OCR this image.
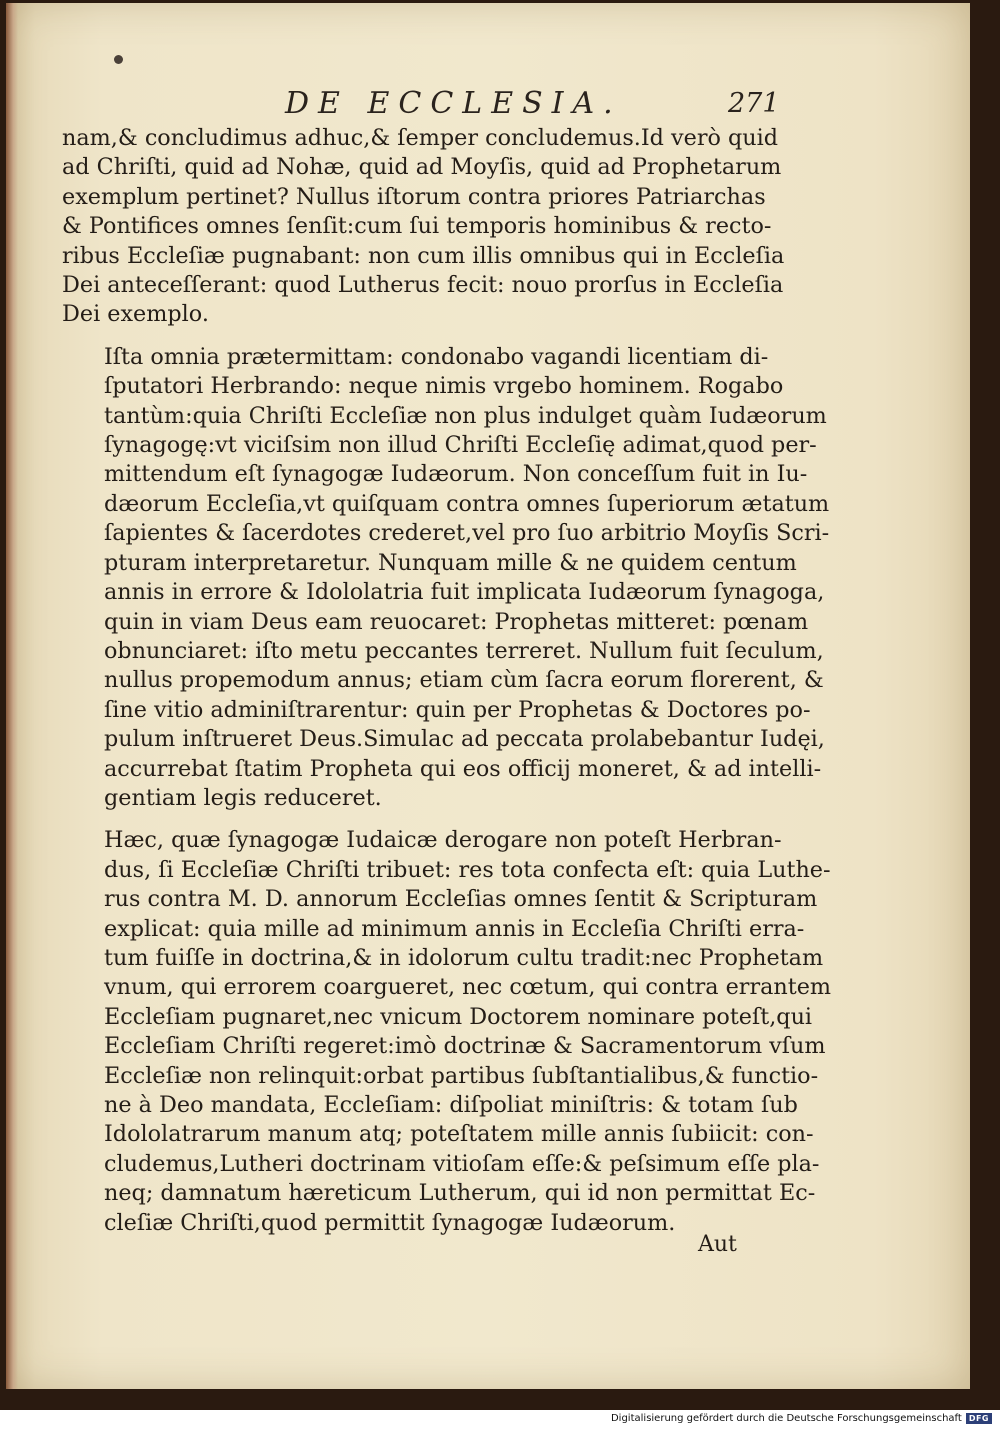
DE ECCLESIA.	271

nam,& concludimus adhuc,& ſemper concludemus.Id verò quid
ad Chriſti, quid ad Nohæ, quid ad Moyſis, quid ad Prophetarum
exemplum pertinet? Nullus iſtorum contra priores Patriarchas
& Pontifices omnes ſenſit:cum ſui temporis hominibus & recto-
ribus Eccleſiæ pugnabant: non cum illis omnibus qui in Eccleſia
Dei anteceſſerant: quod Lutherus fecit: nouo prorſus in Eccleſia
Dei exemplo.

Iſta omnia prætermittam: condonabo vagandi licentiam di-
ſputatori Herbrando: neque nimis vrgebo hominem. Rogabo
tantùm:quia Chriſti Eccleſiæ non plus indulget quàm Iudæorum
ſynagogę:vt viciſsim non illud Chriſti Eccleſię adimat,quod per-
mittendum eſt ſynagogæ Iudæorum. Non conceſſum fuit in Iu-
dæorum Eccleſia,vt quiſquam contra omnes ſuperiorum ætatum
ſapientes & ſacerdotes crederet,vel pro ſuo arbitrio Moyſis Scri-
pturam interpretaretur. Nunquam mille & ne quidem centum
annis in errore & Idololatria fuit implicata Iudæorum ſynagoga,
quin in viam Deus eam reuocaret: Prophetas mitteret: pœnam
obnunciaret: iſto metu peccantes terreret. Nullum fuit ſeculum,
nullus propemodum annus; etiam cùm ſacra eorum florerent, &
ſine vitio adminiſtrarentur: quin per Prophetas & Doctores po-
pulum inſtrueret Deus.Simulac ad peccata prolabebantur Iudęi,
accurrebat ſtatim Propheta qui eos officij moneret, & ad intelli-
gentiam legis reduceret.

Hæc, quæ ſynagogæ Iudaicæ derogare non poteſt Herbran-
dus, ſi Eccleſiæ Chriſti tribuet: res tota confecta eſt: quia Luthe-
rus contra M. D. annorum Eccleſias omnes ſentit & Scripturam
explicat: quia mille ad minimum annis in Eccleſia Chriſti erra-
tum fuiſſe in doctrina,& in idolorum cultu tradit:nec Prophetam
vnum, qui errorem coargueret, nec cœtum, qui contra errantem
Eccleſiam pugnaret,nec vnicum Doctorem nominare poteſt,qui
Eccleſiam Chriſti regeret:imò doctrinæ & Sacramentorum vſum
Eccleſiæ non relinquit:orbat partibus ſubſtantialibus,& functio-
ne à Deo mandata, Eccleſiam: diſpoliat miniſtris: & totam ſub
Idololatrarum manum atq; poteſtatem mille annis ſubiicit: con-
cludemus,Lutheri doctrinam vitioſam eſſe:& peſsimum eſſe pla-
neq; damnatum hæreticum Lutherum, qui id non permittat Ec-
cleſiæ Chriſti,quod permittit ſynagogæ Iudæorum.

Aut
Digitalisierung gefördert durch die Deutsche Forschungsgemeinschaft DFG
